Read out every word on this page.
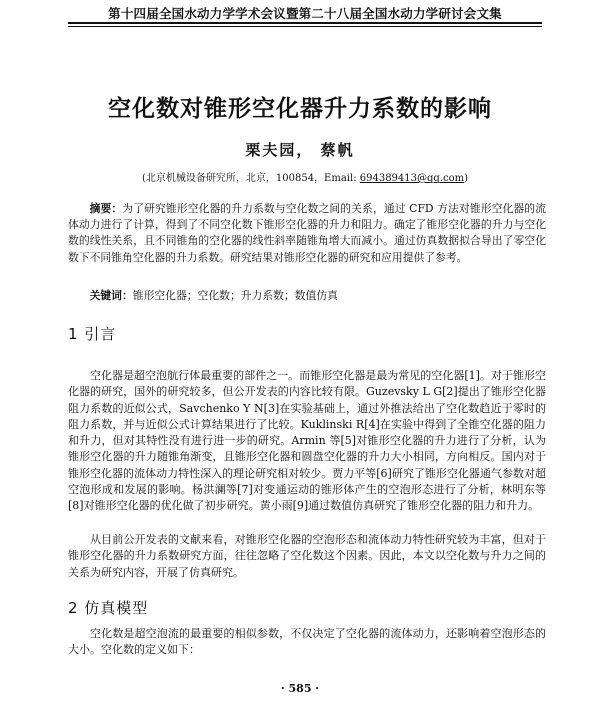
第十四届全国水动力学学术会议暨第二十八届全国水动力学研讨会文集
空化数对锥形空化器升力系数的影响
栗夫园， 蔡帆
(北京机械设备研究所，北京，100854，Email: 694389413@qq.com)
摘要：为了研究锥形空化器的升力系数与空化数之间的关系，通过 CFD 方法对锥形空化器的流体动力进行了计算，得到了不同空化数下锥形空化器的升力和阻力。确定了锥形空化器的升力与空化数的线性关系，且不同锥角的空化器的线性斜率随锥角增大而减小。通过仿真数据拟合导出了零空化数下不同锥角空化器的升力系数。研究结果对锥形空化器的研究和应用提供了参考。
关键词：锥形空化器；空化数；升力系数；数值仿真
1 引言
空化器是超空泡航行体最重要的部件之一。而锥形空化器是最为常见的空化器[1]。对于锥形空化器的研究，国外的研究较多，但公开发表的内容比较有限。Guzevsky L G[2]提出了锥形空化器阻力系数的近似公式，Savchenko Y N[3]在实验基础上，通过外推法给出了空化数趋近于零时的阻力系数，并与近似公式计算结果进行了比较。Kuklinski R[4]在实验中得到了全锥空化器的阻力和升力，但对其特性没有进行进一步的研究。Armin 等[5]对锥形空化器的升力进行了分析，认为锥形空化器的升力随锥角渐变，且锥形空化器和圆盘空化器的升力大小相同，方向相反。国内对于锥形空化器的流体动力特性深入的理论研究相对较少。贾力平等[6]研究了锥形空化器通气参数对超空泡形成和发展的影响。杨洪澜等[7]对变通运动的锥形体产生的空泡形态进行了分析，林明东等[8]对锥形空化器的优化做了初步研究。黄小雨[9]通过数值仿真研究了锥形空化器的阻力和升力。
从目前公开发表的文献来看，对锥形空化器的空泡形态和流体动力特性研究较为丰富，但对于锥形空化器的升力系数研究方面，往往忽略了空化数这个因素。因此，本文以空化数与升力之间的关系为研究内容，开展了仿真研究。
2 仿真模型
空化数是超空泡流的最重要的相似参数，不仅决定了空化器的流体动力，还影响着空泡形态的大小。空化数的定义如下：
· 585 ·
